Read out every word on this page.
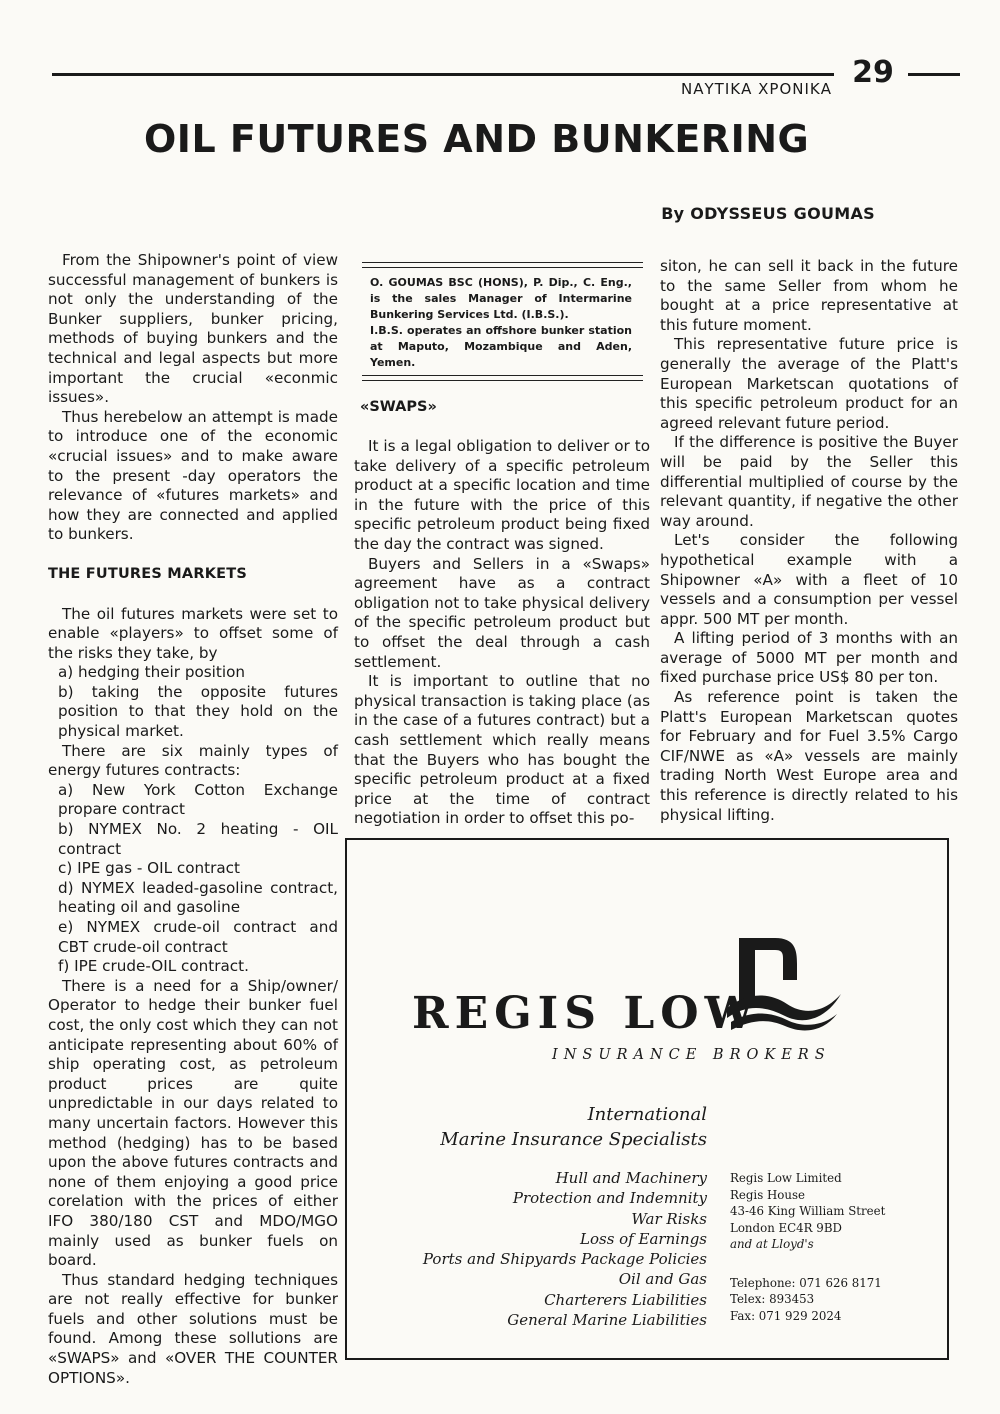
ΝΑΥΤΙΚΑ ΧΡΟΝΙΚΑ 29
OIL FUTURES AND BUNKERING
By ODYSSEUS GOUMAS

From the Shipowner's point of view successful management of bunkers is not only the understanding of the Bunker suppliers, bunker pricing, methods of buying bunkers and the technical and legal aspects but more important the crucial «econmic issues».

Thus herebelow an attempt is made to introduce one of the economic «crucial issues» and to make aware to the present -day operators the relevance of «futures markets» and how they are connected and applied to bunkers.

THE FUTURES MARKETS

The oil futures markets were set to enable «players» to offset some of the risks they take, by

a) hedging their position

b) taking the opposite futures position to that they hold on the physical market.

There are six mainly types of energy futures contracts:

a) New York Cotton Exchange propare contract

b) NYMEX No. 2 heating - OIL contract

c) IPE gas - OIL contract

d) NYMEX leaded-gasoline contract, heating oil and gasoline

e) NYMEX crude-oil contract and CBT crude-oil contract

f) IPE crude-OIL contract.

There is a need for a Ship/owner/ Operator to hedge their bunker fuel cost, the only cost which they can not anticipate representing about 60% of ship operating cost, as petroleum product prices are quite unpredictable in our days related to many uncertain factors. However this method (hedging) has to be based upon the above futures contracts and none of them enjoying a good price corelation with the prices of either IFO 380/180 CST and MDO/MGO mainly used as bunker fuels on board.

Thus standard hedging techniques are not really effective for bunker fuels and other solutions must be found. Among these sollutions are «SWAPS» and «OVER THE COUNTER OPTIONS».

O. GOUMAS BSC (HONS), P. Dip., C. Eng., is the sales Manager of Intermarine Bunkering Services Ltd. (I.B.S.).

I.B.S. operates an offshore bunker station at Maputo, Mozambique and Aden, Yemen.

«SWAPS»

It is a legal obligation to deliver or to take delivery of a specific petroleum product at a specific location and time in the future with the price of this specific petroleum product being fixed the day the contract was signed.

Buyers and Sellers in a «Swaps» agreement have as a contract obligation not to take physical delivery of the specific petroleum product but to offset the deal through a cash settlement.

It is important to outline that no physical transaction is taking place (as in the case of a futures contract) but a cash settlement which really means that the Buyers who has bought the specific petroleum product at a fixed price at the time of contract negotiation in order to offset this po-

siton, he can sell it back in the future to the same Seller from whom he bought at a price representative at this future moment.

This representative future price is generally the average of the Platt's European Marketscan quotations of this specific petroleum product for an agreed relevant future period.

If the difference is positive the Buyer will be paid by the Seller this differential multiplied of course by the relevant quantity, if negative the other way around.

Let's consider the following hypothetical example with a Shipowner «A» with a fleet of 10 vessels and a consumption per vessel appr. 500 MT per month.

A lifting period of 3 months with an average of 5000 MT per month and fixed purchase price US$ 80 per ton.

As reference point is taken the Platt's European Marketscan quotes for February and for Fuel 3.5% Cargo CIF/NWE as «A» vessels are mainly trading North West Europe area and this reference is directly related to his physical lifting.

REGIS LOW
INSURANCE BROKERS
International
Marine Insurance Specialists
Hull and Machinery
Protection and Indemnity
War Risks
Loss of Earnings
Ports and Shipyards Package Policies
Oil and Gas
Charterers Liabilities
General Marine Liabilities
Regis Low Limited
Regis House
43-46 King William Street
London EC4R 9BD
and at Lloyd's
Telephone: 071 626 8171
Telex: 893453
Fax: 071 929 2024
